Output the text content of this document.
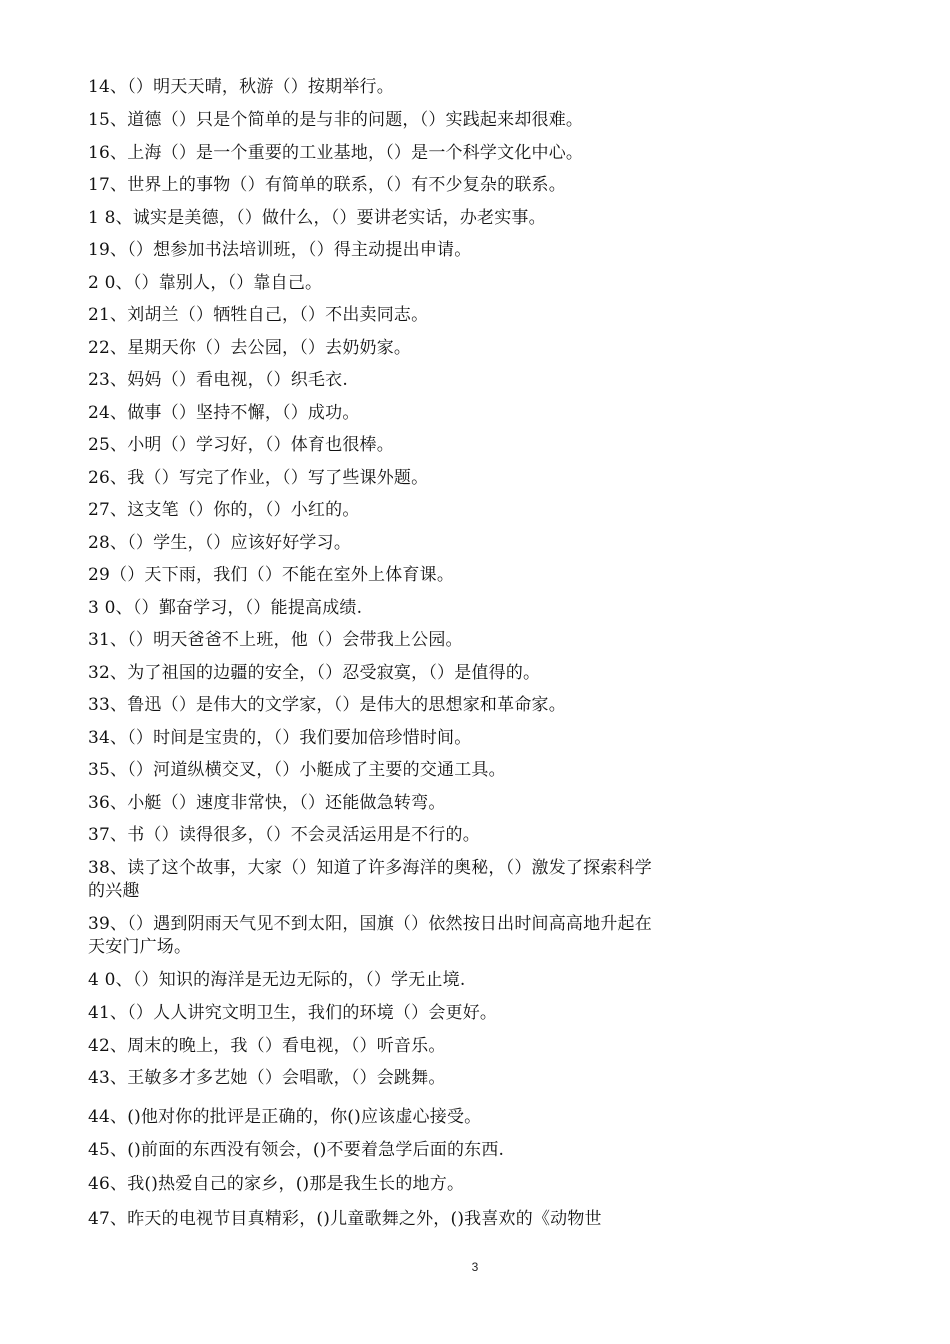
14、（）明天天晴，秋游（）按期举行。
15、道德（）只是个简单的是与非的问题，（）实践起来却很难。
16、上海（）是一个重要的工业基地，（）是一个科学文化中心。
17、世界上的事物（）有简单的联系，（）有不少复杂的联系。
1 8、诚实是美德，（）做什么，（）要讲老实话，办老实事。
19、（）想参加书法培训班，（）得主动提出申请。
2 0、（）靠别人，（）靠自己。
21、刘胡兰（）牺牲自己，（）不出卖同志。
22、星期天你（）去公园，（）去奶奶家。
23、妈妈（）看电视，（）织毛衣.
24、做事（）坚持不懈，（）成功。
25、小明（）学习好，（）体育也很棒。
26、我（）写完了作业，（）写了些课外题。
27、这支笔（）你的，（）小红的。
28、（）学生，（）应该好好学习。
29（）天下雨，我们（）不能在室外上体育课。
3 0、（）鄞奋学习，（）能提高成绩.
31、（）明天爸爸不上班，他（）会带我上公园。
32、为了祖国的边疆的安全，（）忍受寂寞，（）是值得的。
33、鲁迅（）是伟大的文学家，（）是伟大的思想家和革命家。
34、（）时间是宝贵的，（）我们要加倍珍惜时间。
35、（）河道纵横交叉，（）小艇成了主要的交通工具。
36、小艇（）速度非常快，（）还能做急转弯。
37、书（）读得很多，（）不会灵活运用是不行的。
38、读了这个故事，大家（）知道了许多海洋的奥秘，（）激发了探索科学
的兴趣
39、（）遇到阴雨天气见不到太阳，国旗（）依然按日出时间高高地升起在
天安门广场。
4 0、（）知识的海洋是无边无际的，（）学无止境.
41、（）人人讲究文明卫生，我们的环境（）会更好。
42、周末的晚上，我（）看电视，（）听音乐。
43、王敏多才多艺她（）会唱歌，（）会跳舞。
44、()他对你的批评是正确的，你()应该虚心接受。
45、()前面的东西没有领会，()不要着急学后面的东西.
46、我()热爱自己的家乡，()那是我生长的地方。
47、昨天的电视节目真精彩，()儿童歌舞之外，()我喜欢的《动物世
3
